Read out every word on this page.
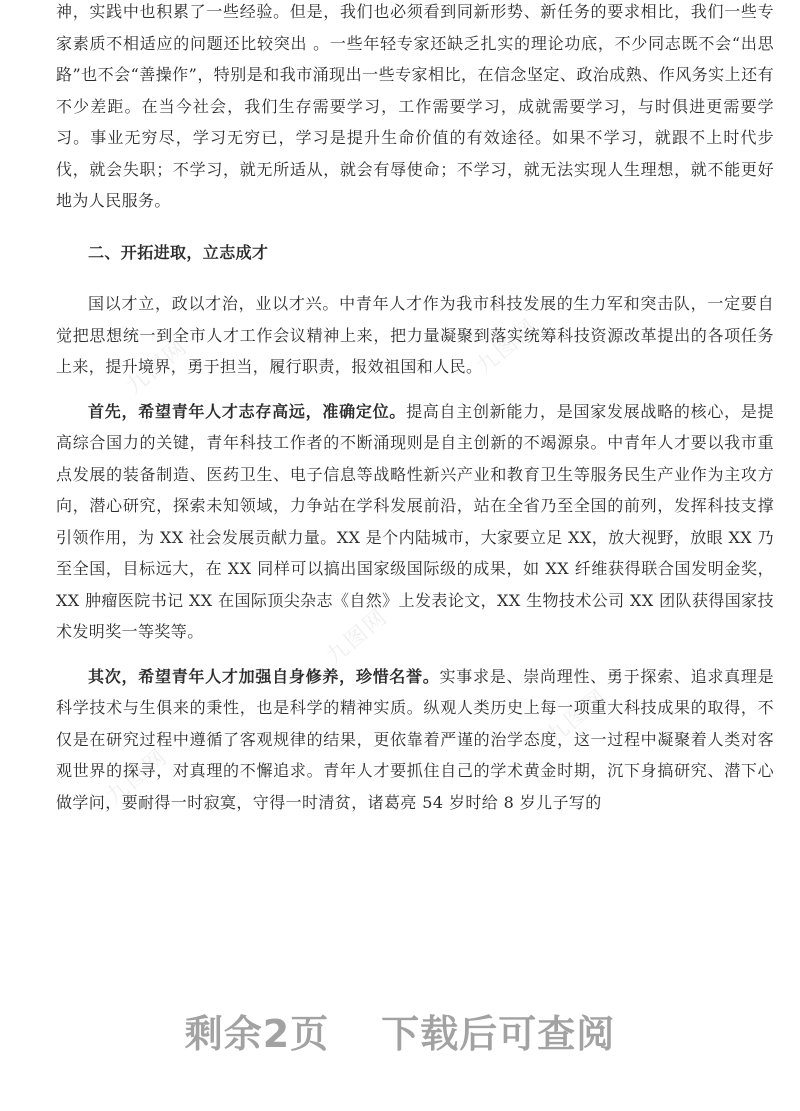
九图网	九图网
九图网
九图网
九图网

神，实践中也积累了一些经验。但是，我们也必须看到同新形势、新任务的要求相比，我们一些专家素质不相适应的问题还比较突出 。一些年轻专家还缺乏扎实的理论功底，不少同志既不会“出思路”也不会“善操作”，特别是和我市涌现出一些专家相比，在信念坚定、政治成熟、作风务实上还有不少差距。在当今社会，我们生存需要学习，工作需要学习，成就需要学习，与时俱进更需要学习。事业无穷尽，学习无穷已，学习是提升生命价值的有效途径。如果不学习，就跟不上时代步伐，就会失职；不学习，就无所适从，就会有辱使命；不学习，就无法实现人生理想，就不能更好地为人民服务。

二、开拓进取，立志成才

国以才立，政以才治，业以才兴。中青年人才作为我市科技发展的生力军和突击队，一定要自觉把思想统一到全市人才工作会议精神上来，把力量凝聚到落实统筹科技资源改革提出的各项任务上来，提升境界，勇于担当，履行职责，报效祖国和人民。

首先，希望青年人才志存高远，准确定位。提高自主创新能力，是国家发展战略的核心，是提高综合国力的关键，青年科技工作者的不断涌现则是自主创新的不竭源泉。中青年人才要以我市重点发展的装备制造、医药卫生、电子信息等战略性新兴产业和教育卫生等服务民生产业作为主攻方向，潜心研究，探索未知领域，力争站在学科发展前沿，站在全省乃至全国的前列，发挥科技支撑引领作用，为 XX 社会发展贡献力量。XX 是个内陆城市，大家要立足 XX，放大视野，放眼 XX 乃至全国，目标远大，在 XX 同样可以搞出国家级国际级的成果，如 XX 纤维获得联合国发明金奖，XX 肿瘤医院书记 XX 在国际顶尖杂志《自然》上发表论文，XX 生物技术公司 XX 团队获得国家技术发明奖一等奖等。

其次，希望青年人才加强自身修养，珍惜名誉。实事求是、崇尚理性、勇于探索、追求真理是科学技术与生俱来的秉性，也是科学的精神实质。纵观人类历史上每一项重大科技成果的取得，不仅是在研究过程中遵循了客观规律的结果，更依靠着严谨的治学态度，这一过程中凝聚着人类对客观世界的探寻，对真理的不懈追求。青年人才要抓住自己的学术黄金时期，沉下身搞研究、潜下心做学问，要耐得一时寂寞，守得一时清贫，诸葛亮 54 岁时给 8 岁儿子写的

剩余2页 下载后可查阅
